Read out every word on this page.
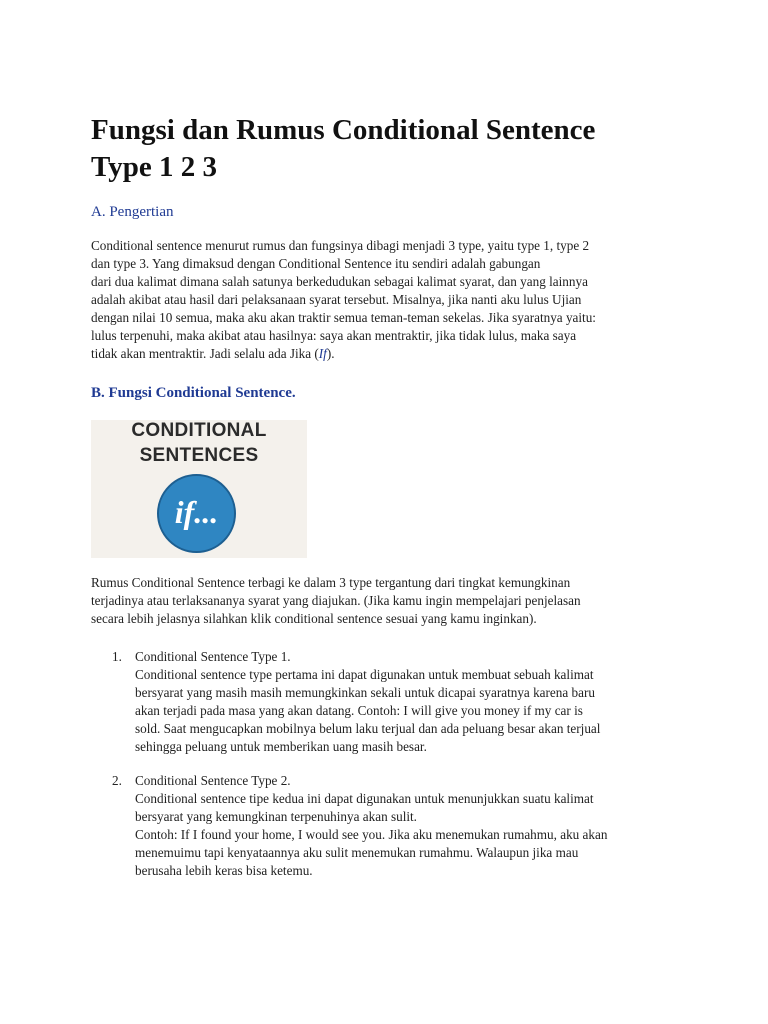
Fungsi dan Rumus Conditional Sentence
Type 1 2 3
A. Pengertian

Conditional sentence menurut rumus dan fungsinya dibagi menjadi 3 type, yaitu type 1, type 2
dan type 3. Yang dimaksud dengan Conditional Sentence itu sendiri adalah gabungan
dari dua kalimat dimana salah satunya berkedudukan sebagai kalimat syarat, dan yang lainnya
adalah akibat atau hasil dari pelaksanaan syarat tersebut. Misalnya, jika nanti aku lulus Ujian
dengan nilai 10 semua, maka aku akan traktir semua teman-teman sekelas. Jika syaratnya yaitu:
lulus terpenuhi, maka akibat atau hasilnya: saya akan mentraktir, jika tidak lulus, maka saya
tidak akan mentraktir. Jadi selalu ada Jika (If).

B. Fungsi Conditional Sentence.
CONDITIONAL
SENTENCES
if...

Rumus Conditional Sentence terbagi ke dalam 3 type tergantung dari tingkat kemungkinan
terjadinya atau terlaksananya syarat yang diajukan. (Jika kamu ingin mempelajari penjelasan
secara lebih jelasnya silahkan klik conditional sentence sesuai yang kamu inginkan).

1. Conditional Sentence Type 1.
Conditional sentence type pertama ini dapat digunakan untuk membuat sebuah kalimat
bersyarat yang masih masih memungkinkan sekali untuk dicapai syaratnya karena baru
akan terjadi pada masa yang akan datang. Contoh: I will give you money if my car is
sold. Saat mengucapkan mobilnya belum laku terjual dan ada peluang besar akan terjual
sehingga peluang untuk memberikan uang masih besar.
2. Conditional Sentence Type 2.
Conditional sentence tipe kedua ini dapat digunakan untuk menunjukkan suatu kalimat
bersyarat yang kemungkinan terpenuhinya akan sulit.
Contoh: If I found your home, I would see you. Jika aku menemukan rumahmu, aku akan
menemuimu tapi kenyataannya aku sulit menemukan rumahmu. Walaupun jika mau
berusaha lebih keras bisa ketemu.
